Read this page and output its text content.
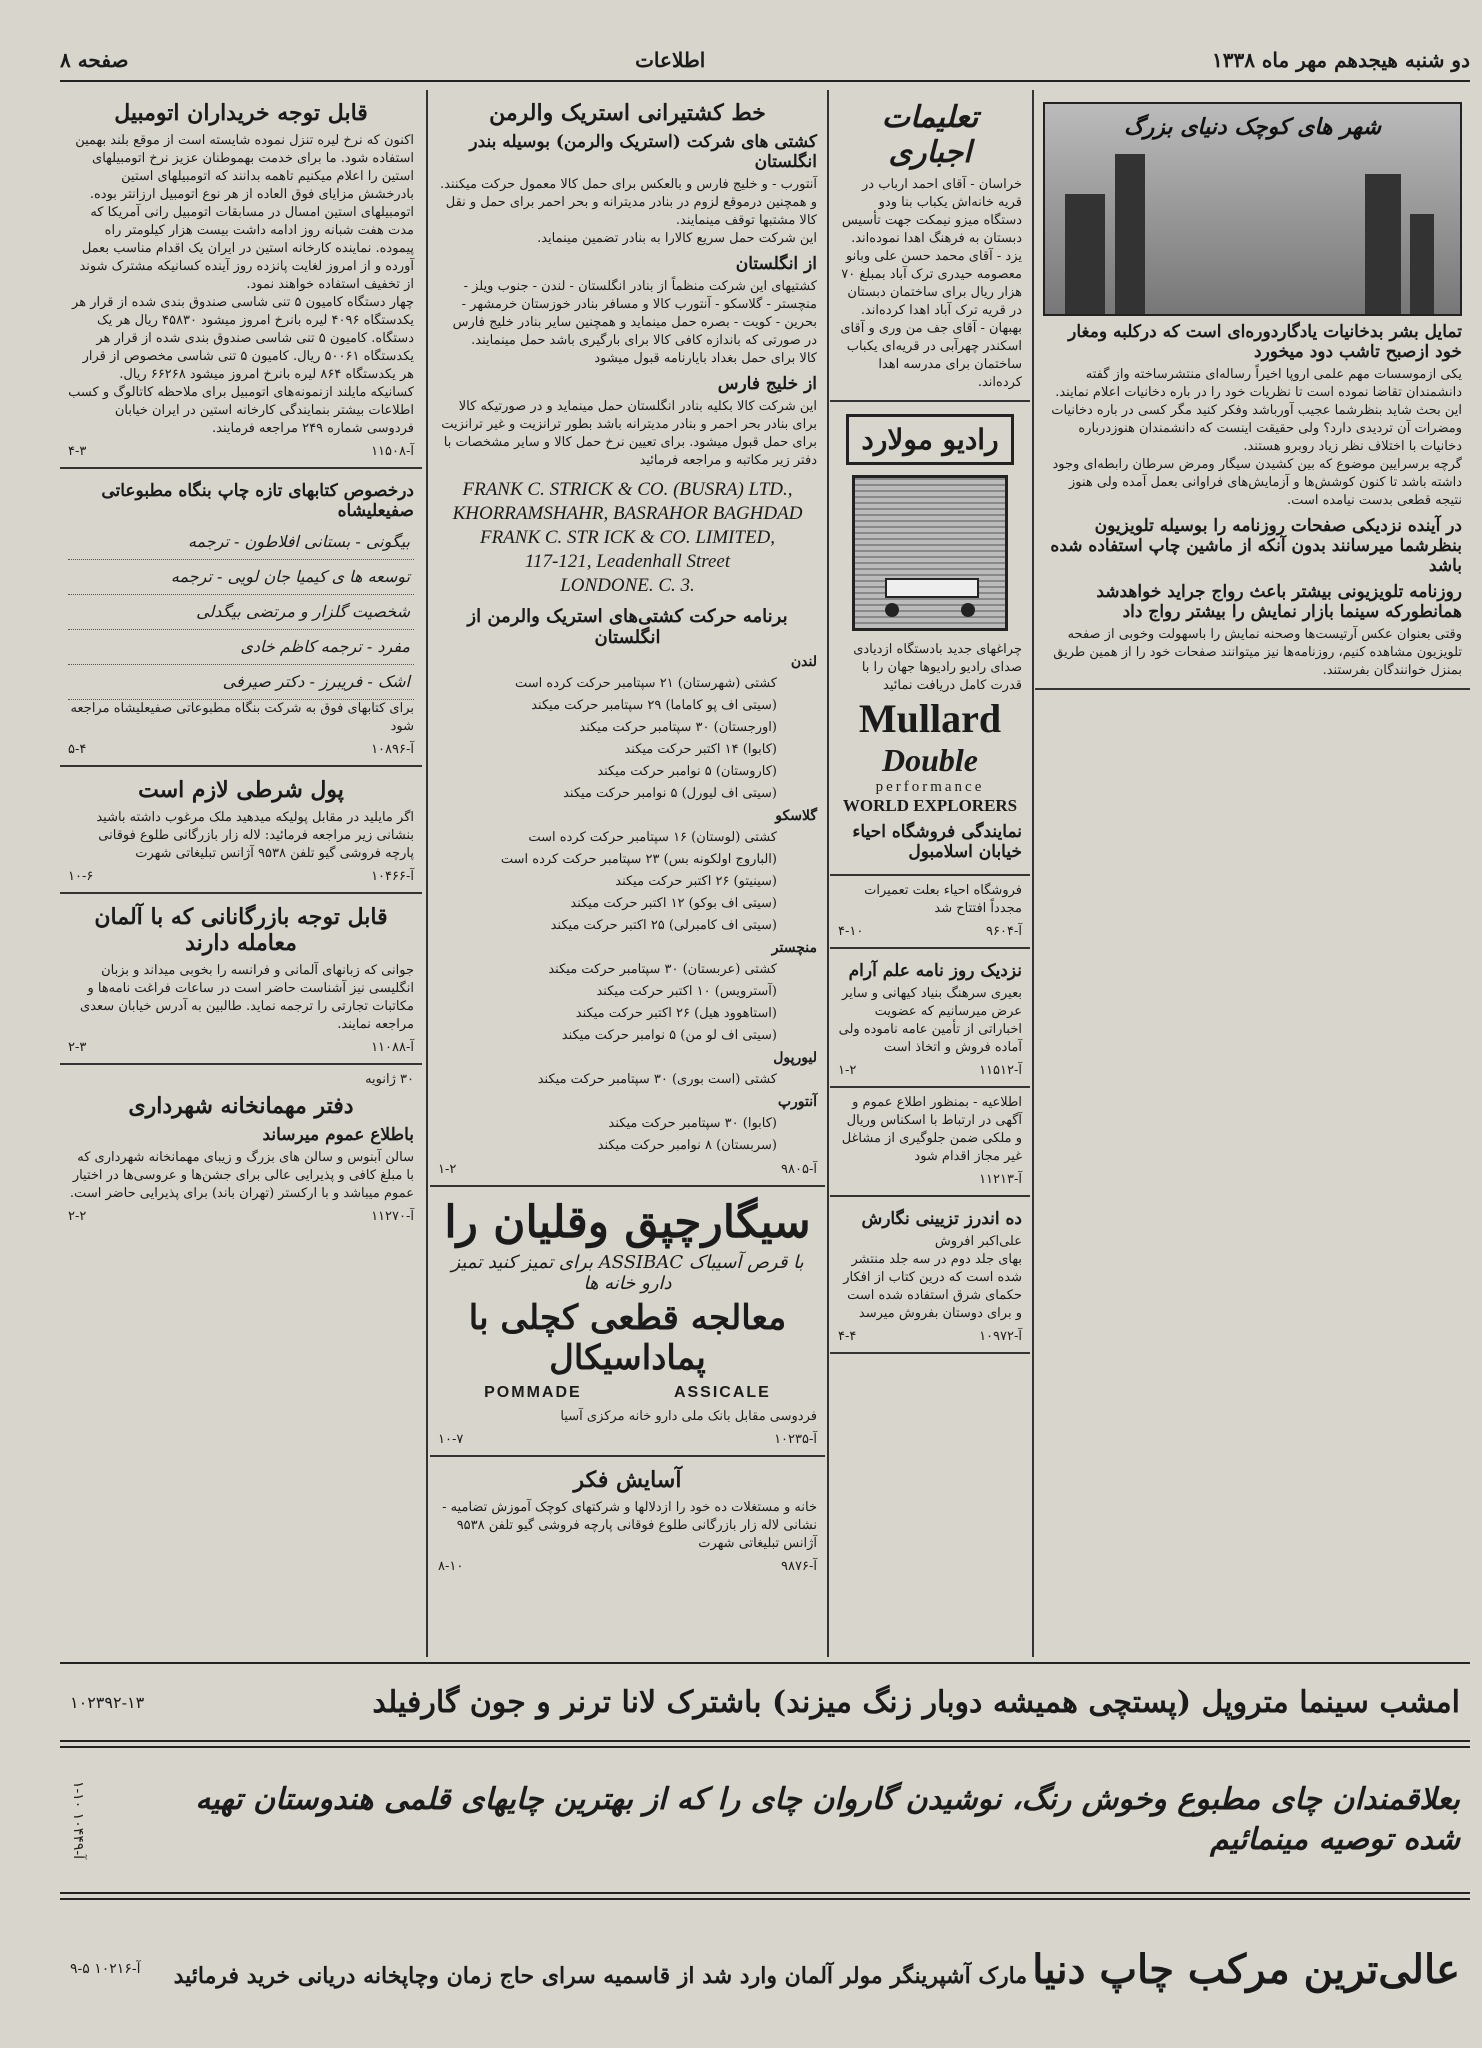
صفحه ۸	اطلاعات	دو شنبه هیجدهم مهر ماه ۱۳۳۸
شهر های کوچک دنیای بزرگ

تمایل بشر بدخانیات یادگاردوره‌ای است که درکلبه ومغار خود ازصبح تاشب دود میخورد

یکی ازموسسات مهم علمی اروپا اخیراً رساله‌ای منتشرساخته واز گفته دانشمندان تقاضا نموده است تا نظریات خود را در باره دخانیات اعلام نمایند.

این بحث شاید بنظرشما عجیب آورباشد وفکر کنید مگر کسی در باره دخانیات ومضرات آن تردیدی دارد؟ ولی حقیقت اینست که دانشمندان هنوزدرباره دخانیات با اختلاف نظر زیاد روبرو هستند.

گرچه برسرایین موضوع که بین کشیدن سیگار ومرض سرطان رابطه‌ای وجود داشته باشد تا کنون کوشش‌ها و آزمایش‌های فراوانی بعمل آمده ولی هنوز نتیجه قطعی بدست نیامده است.

در آینده نزدیکی صفحات روزنامه را بوسیله تلویزیون بنظرشما میرسانند بدون آنکه از ماشین چاپ استفاده شده باشد

روزنامه تلویزیونی بیشتر باعث رواج جراید خواهدشد همانطورکه سینما بازار نمایش را بیشتر رواج داد

وقتی بعنوان عکس آرتیست‌ها وصحنه نمایش را باسهولت وخوبی از صفحه تلویزیون مشاهده کنیم، روزنامه‌ها نیز میتوانند صفحات خود را از همین طریق بمنزل خوانندگان بفرستند.

تعلیمات اجباری

خراسان - آقای احمد ارباب در قریه خانه‌اش یکباب بنا ودو دستگاه میزو نیمکت جهت تأسیس دبستان به فرهنگ اهدا نموده‌اند. یزد - آقای محمد حسن علی وبانو معصومه حیدری ترک آباد بمبلغ ۷۰ هزار ریال برای ساختمان دبستان در قریه ترک آباد اهدا کرده‌اند. بهبهان - آقای جف من وری و آقای اسکندر چهرآبی در قریه‌ای یکباب ساختمان برای مدرسه اهدا کرده‌اند.

رادیو مولارد

چراغهای جدید بادستگاه ازدیادی صدای رادیو رادیوها جهان را با قدرت کامل دریافت نمائید

Mullard
Double
performance
WORLD EXPLORERS

نمایندگی فروشگاه احیاء خیابان اسلامبول

فروشگاه احیاء بعلت تعمیرات مجدداً افتتاح شد

آ-۹۶۰۴
۴-۱۰

نزدیک روز نامه علم آرام

بعیری سرهنگ بنیاد کیهانی و سایر عرض میرسانیم که عضویت اخباراتی از تأمین عامه ناموده ولی آماده فروش و اتخاذ است

آ-۱۱۵۱۲
۱-۲

اطلاعیه - بمنظور اطلاع عموم و آگهی در ارتباط با اسکناس وریال و ملکی ضمن جلوگیری از مشاغل غیر مجاز اقدام شود

آ-۱۱۲۱۳

ده اندرز تزیینی نگارش

علی‌اکبر افروش

بهای جلد دوم در سه جلد منتشر شده است که درین کتاب از افکار حکمای شرق استفاده شده است و برای دوستان بفروش میرسد

آ-۱۰۹۷۲
۴-۴
خط کشتیرانی استریک والرمن

کشتی های شرکت (استریک والرمن) بوسیله بندر انگلستان

آنتورب - و خلیج فارس و بالعکس برای حمل کالا معمول حرکت میکنند. و همچنین درموقع لزوم در بنادر مدیترانه و بحر احمر برای حمل و نقل کالا مشتبها توقف مینمایند.

این شرکت حمل سریع کالارا به بنادر تضمین مینماید.

از انگلستان

کشتیهای این شرکت منظماً از بنادر انگلستان - لندن - جنوب ویلز - منچستر - گلاسکو - آنتورب کالا و مسافر بنادر خوزستان خرمشهر - بحرین - کویت - بصره حمل مینماید و همچنین سایر بنادر خلیج فارس در صورتی که باندازه کافی کالا برای بارگیری باشد حمل مینمایند.

کالا برای حمل بغداد بایارنامه قبول میشود

از خلیج فارس

این شرکت کالا بکلیه بنادر انگلستان حمل مینماید و در صورتیکه کالا برای بنادر بحر احمر و بنادر مدیترانه باشد بطور ترانزیت و غیر ترانزیت برای حمل قبول میشود. برای تعیین نرخ حمل کالا و سایر مشخصات با دفتر زیر مکاتبه و مراجعه فرمائید

FRANK C. STRICK & CO. (BUSRA) LTD.,
KHORRAMSHAHR, BASRAHOR BAGHDAD
FRANK C. STR ICK & CO. LIMITED,
117-121, Leadenhall Street
LONDONE. C. 3.
برنامه حرکت کشتی‌های استریک والرمن از انگلستان
لندن
کشتی (شهرستان) ۲۱ سپتامبر حرکت کرده است
(سیتی اف پو کاماما) ۲۹ سپتامبر حرکت میکند
(اورجستان) ۳۰ سپتامبر حرکت میکند
(کابوا) ۱۴ اکتبر حرکت میکند
(کاروستان) ۵ نوامبر حرکت میکند
(سیتی اف لیورل) ۵ نوامبر حرکت میکند
گلاسکو
کشتی (لوستان) ۱۶ سپتامبر حرکت کرده است
(الباروج اولکونه بس) ۲۳ سپتامبر حرکت کرده است
(سینیتو) ۲۶ اکتبر حرکت میکند
(سیتی اف بوکو) ۱۲ اکتبر حرکت میکند
(سیتی اف کامبرلی) ۲۵ اکتبر حرکت میکند
منچستر
کشتی (عربستان) ۳۰ سپتامبر حرکت میکند
(آسترویس) ۱۰ اکتبر حرکت میکند
(استاهوود هیل) ۲۶ اکتبر حرکت میکند
(سیتی اف لو من) ۵ نوامبر حرکت میکند
لیورپول
کشتی (است بوری) ۳۰ سپتامبر حرکت میکند
آنتورپ
(کابوا) ۳۰ سپتامبر حرکت میکند
(سربستان) ۸ نوامبر حرکت میکند
آ-۹۸۰۵
۱-۲
سیگارچپق وقلیان را
با قرص آسیباک ASSIBAC برای تمیز کنید تمیز دارو خانه ها
معالجه قطعی کچلی با پماداسیکال
POMMADE	ASSICALE

فردوسی مقابل بانک ملی دارو خانه مرکزی آسیا

آ-۱۰۲۳۵
۱۰-۷
آسایش فکر

خانه و مستغلات ده خود را ازدلالها و شرکتهای کوچک آموزش تضامیه - نشانی لاله زار بازرگانی طلوع فوقانی پارچه فروشی گیو تلفن ۹۵۳۸

آژانس تبلیغاتی شهرت

آ-۹۸۷۶
۸-۱۰
قابل توجه خریداران اتومبیل

اکنون که نرخ لیره تنزل نموده شایسته است از موقع بلند بهمین استفاده شود. ما برای خدمت بهموطنان عزیز نرخ اتومبیلهای استین را اعلام میکنیم تاهمه بدانند که اتومبیلهای استین بادرخشش مزایای فوق العاده از هر نوع اتومبیل ارزانتر بوده.

اتومبیلهای استین امسال در مسابقات اتومبیل رانی آمریکا که مدت هفت شبانه روز ادامه داشت بیست هزار کیلومتر راه پیموده. نماینده کارخانه استین در ایران یک اقدام مناسب بعمل آورده و از امروز لغایت پانزده روز آینده کسانیکه مشترک شوند از تخفیف استفاده خواهند نمود.

چهار دستگاه کامیون ۵ تنی شاسی صندوق بندی شده از قرار هر یکدستگاه ۴۰۹۶ لیره بانرخ امروز میشود ۴۵۸۳۰ ریال هر یک دستگاه. کامیون ۵ تنی شاسی صندوق بندی شده از قرار هر یکدستگاه ۵۰۰۶۱ ریال. کامیون ۵ تنی شاسی مخصوص از قرار هر یکدستگاه ۸۶۴ لیره بانرخ امروز میشود ۶۶۲۶۸ ریال.

کسانیکه مایلند ازنمونه‌های اتومبیل برای ملاحظه کاتالوگ و کسب اطلاعات بیشتر بنمایندگی کارخانه استین در ایران خیابان فردوسی شماره ۲۴۹ مراجعه فرمایند.

آ-۱۱۵۰۸
۴-۳

درخصوص کتابهای تازه چاپ بنگاه مطبوعاتی صفیعلیشاه

بیگونی - بستانی افلاطون - ترجمه
توسعه ها ی کیمیا جان لویی - ترجمه
شخصیت گلزار و مرتضی بیگدلی
مفرد - ترجمه کاظم خادی
اشک - فریبرز - دکتر صیرفی

برای کتابهای فوق به شرکت بنگاه مطبوعاتی صفیعلیشاه مراجعه شود

آ-۱۰۸۹۶
۵-۴
پول شرطی لازم است

اگر مایلید در مقابل پولیکه میدهید ملک مرغوب داشته باشید بنشانی زیر مراجعه فرمائید: لاله زار بازرگانی طلوع فوقانی پارچه فروشی گیو تلفن ۹۵۳۸ آژانس تبلیغاتی شهرت

آ-۱۰۴۶۶
۱۰-۶
قابل توجه بازرگانانی که با آلمان معامله دارند

جوانی که زبانهای آلمانی و فرانسه را بخوبی میداند و بزبان انگلیسی نیز آشناست حاضر است در ساعات فراغت نامه‌ها و مکاتبات تجارتی را ترجمه نماید. طالبین به آدرس خیابان سعدی مراجعه نمایند.

آ-۱۱۰۸۸
۲-۳

۳۰ ژانویه

دفتر مهمانخانه شهرداری

باطلاع عموم میرساند

سالن آبنوس و سالن های بزرگ و زیبای مهمانخانه شهرداری که با مبلغ کافی و پذیرایی عالی برای جشن‌ها و عروسی‌ها در اختیار عموم میباشد و با ارکستر (تهران باند) برای پذیرایی حاضر است.

آ-۱۱۲۷۰
۲-۲
امشب سینما متروپل (پستچی همیشه دوبار زنگ میزند) باشترک لانا ترنر و جون گارفیلد
۱۰۲۳۹۲-۱۳
بعلاقمندان چای مطبوع وخوش رنگ، نوشیدن گاروان چای را که از بهترین چایهای قلمی هندوستان تهیه شده توصیه مینمائیم
آ-۱۰۴۴۹ ۱۰-۱
عالی‌ترین مرکب چاپ دنیا مارک آشپرینگر مولر آلمان وارد شد از قاسمیه سرای حاج زمان وچاپخانه دریانی خرید فرمائید
آ-۱۰۲۱۶ ۵-۹
